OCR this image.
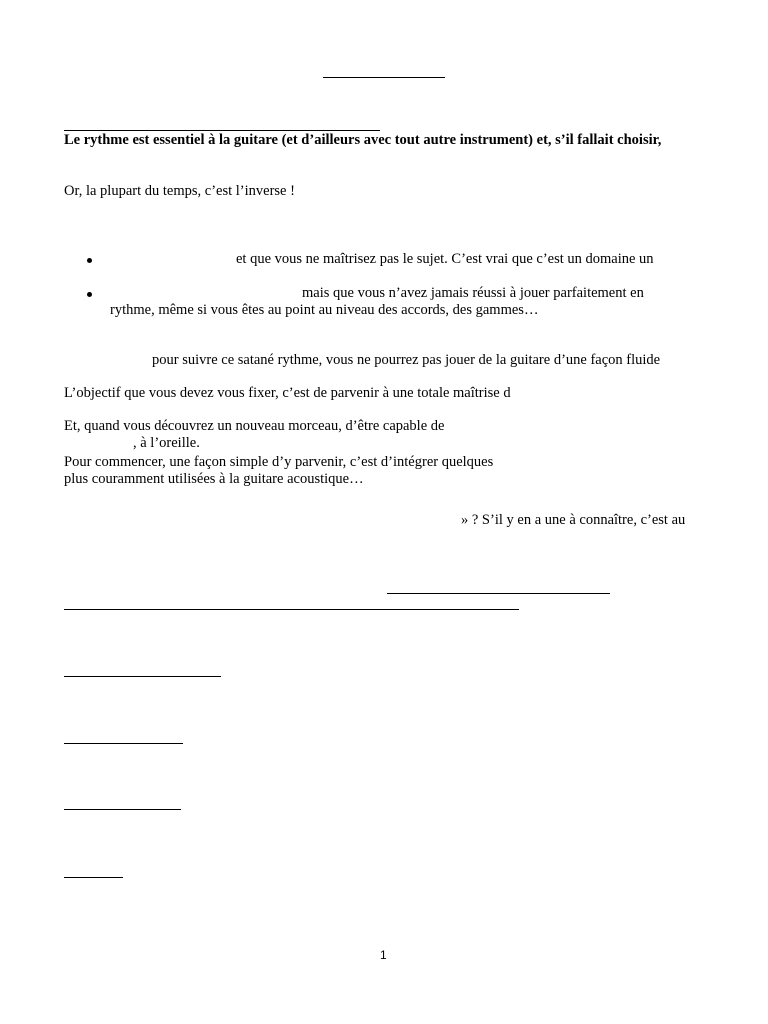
Le rythme est essentiel à la guitare (et d’ailleurs avec tout autre instrument) et, s’il fallait choisir,
Or, la plupart du temps, c’est l’inverse !
et que vous ne maîtrisez pas le sujet. C’est vrai que c’est un domaine un
mais que vous n’avez jamais réussi à jouer parfaitement en
rythme, même si vous êtes au point au niveau des accords, des gammes…
pour suivre ce satané rythme, vous ne pourrez pas jouer de la guitare d’une façon fluide
L’objectif que vous devez vous fixer, c’est de parvenir à une totale maîtrise d
Et, quand vous découvrez un nouveau morceau, d’être capable de
, à l’oreille.
Pour commencer, une façon simple d’y parvenir, c’est d’intégrer quelques
plus couramment utilisées à la guitare acoustique…
» ? S’il y en a une à connaître, c’est au
1
